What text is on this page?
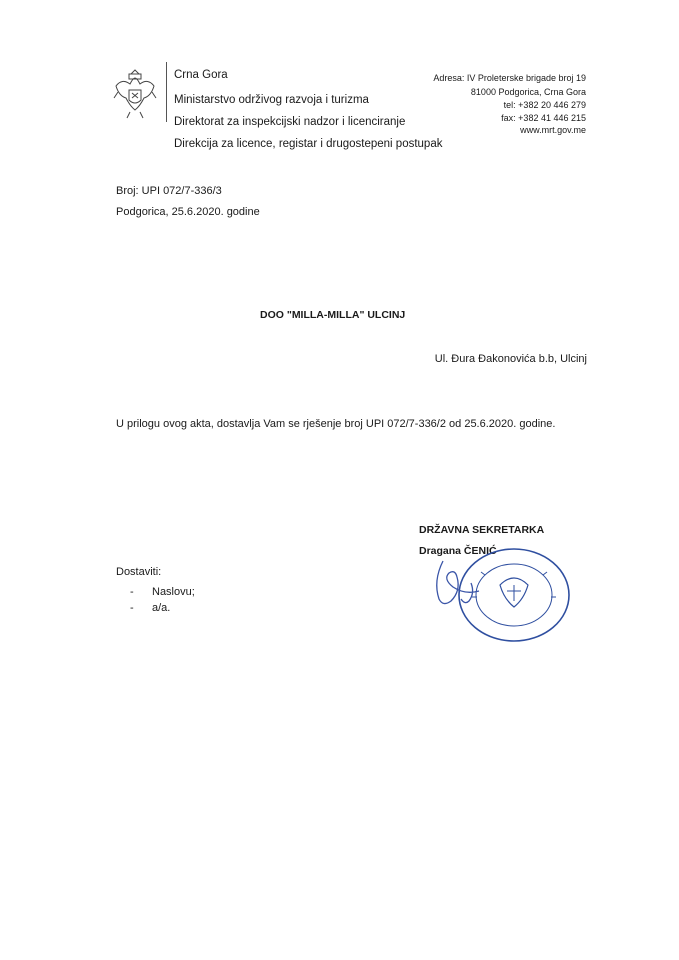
Crna Gora
Ministarstvo održivog razvoja i turizma
Direktorat za inspekcijski nadzor i licenciranje
Direkcija za licence, registar i drugostepeni postupak
Adresa: IV Proleterske brigade broj 19
81000 Podgorica, Crna Gora
tel: +382 20 446 279
fax: +382 41 446 215
www.mrt.gov.me
Broj: UPI 072/7-336/3
Podgorica, 25.6.2020. godine
DOO "MILLA-MILLA" ULCINJ
Ul. Đura Đakonovića b.b, Ulcinj
U prilogu ovog akta, dostavlja Vam se rješenje broj UPI 072/7-336/2 od 25.6.2020. godine.
DRŽAVNA SEKRETARKA
Dragana ČENIĆ
Dostaviti:
- Naslovu;
- a/a.
